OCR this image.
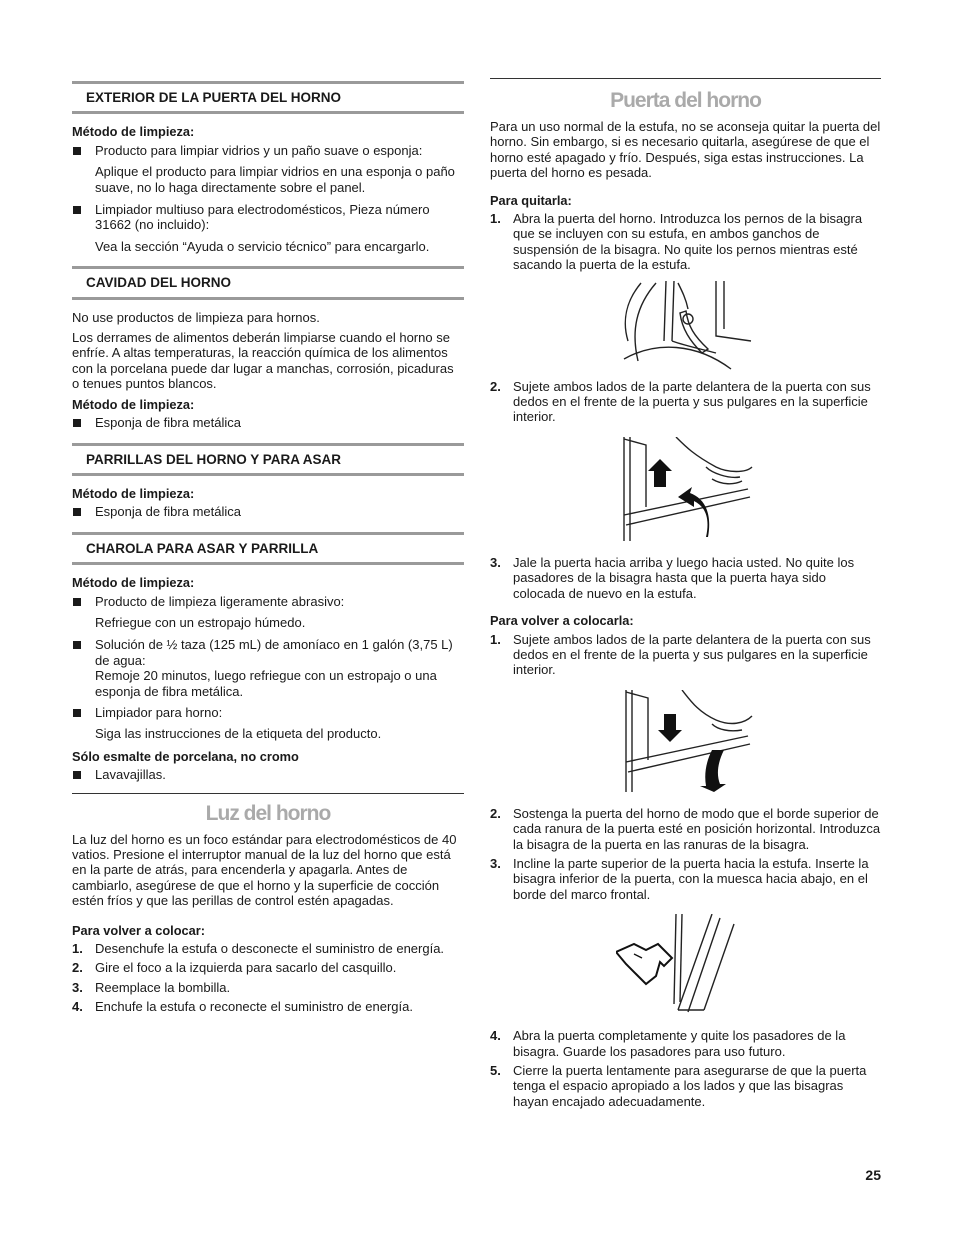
EXTERIOR DE LA PUERTA DEL HORNO

Método de limpieza:

Producto para limpiar vidrios y un paño suave o esponja:

Aplique el producto para limpiar vidrios en una esponja o paño suave, no lo haga directamente sobre el panel.

Limpiador multiuso para electrodomésticos, Pieza número 31662 (no incluido):

Vea la sección “Ayuda o servicio técnico” para encargarlo.

CAVIDAD DEL HORNO

No use productos de limpieza para hornos.

Los derrames de alimentos deberán limpiarse cuando el horno se enfríe. A altas temperaturas, la reacción química de los alimentos con la porcelana puede dar lugar a manchas, corrosión, picaduras o tenues puntos blancos.

Método de limpieza:

Esponja de fibra metálica
PARRILLAS DEL HORNO Y PARA ASAR

Método de limpieza:

Esponja de fibra metálica
CHAROLA PARA ASAR Y PARRILLA

Método de limpieza:

Producto de limpieza ligeramente abrasivo:

Refriegue con un estropajo húmedo.

Solución de ½ taza (125 mL) de amoníaco en 1 galón (3,75 L) de agua:
Remoje 20 minutos, luego refriegue con un estropajo o una esponja de fibra metálica.
Limpiador para horno:

Siga las instrucciones de la etiqueta del producto.

Sólo esmalte de porcelana, no cromo

Lavavajillas.
Luz del horno

La luz del horno es un foco estándar para electrodomésticos de 40 vatios. Presione el interruptor manual de la luz del horno que está en la parte de atrás, para encenderla y apagarla. Antes de cambiarlo, asegúrese de que el horno y la superficie de cocción estén fríos y que las perillas de control estén apagadas.

Para volver a colocar:

1. Desenchufe la estufa o desconecte el suministro de energía.
2. Gire el foco a la izquierda para sacarlo del casquillo.
3. Reemplace la bombilla.
4. Enchufe la estufa o reconecte el suministro de energía.
Puerta del horno

Para un uso normal de la estufa, no se aconseja quitar la puerta del horno. Sin embargo, si es necesario quitarla, asegúrese de que el horno esté apagado y frío. Después, siga estas instrucciones. La puerta del horno es pesada.

Para quitarla:

1. Abra la puerta del horno. Introduzca los pernos de la bisagra que se incluyen con su estufa, en ambos ganchos de suspensión de la bisagra. No quite los pernos mientras esté sacando la puerta de la estufa.
2. Sujete ambos lados de la parte delantera de la puerta con sus dedos en el frente de la puerta y sus pulgares en la superficie interior.
3. Jale la puerta hacia arriba y luego hacia usted. No quite los pasadores de la bisagra hasta que la puerta haya sido colocada de nuevo en la estufa.

Para volver a colocarla:

1. Sujete ambos lados de la parte delantera de la puerta con sus dedos en el frente de la puerta y sus pulgares en la superficie interior.
2. Sostenga la puerta del horno de modo que el borde superior de cada ranura de la puerta esté en posición horizontal. Introduzca la bisagra de la puerta en las ranuras de la bisagra.
3. Incline la parte superior de la puerta hacia la estufa. Inserte la bisagra inferior de la puerta, con la muesca hacia abajo, en el borde del marco frontal.
4. Abra la puerta completamente y quite los pasadores de la bisagra. Guarde los pasadores para uso futuro.
5. Cierre la puerta lentamente para asegurarse de que la puerta tenga el espacio apropiado a los lados y que las bisagras hayan encajado adecuadamente.
25
